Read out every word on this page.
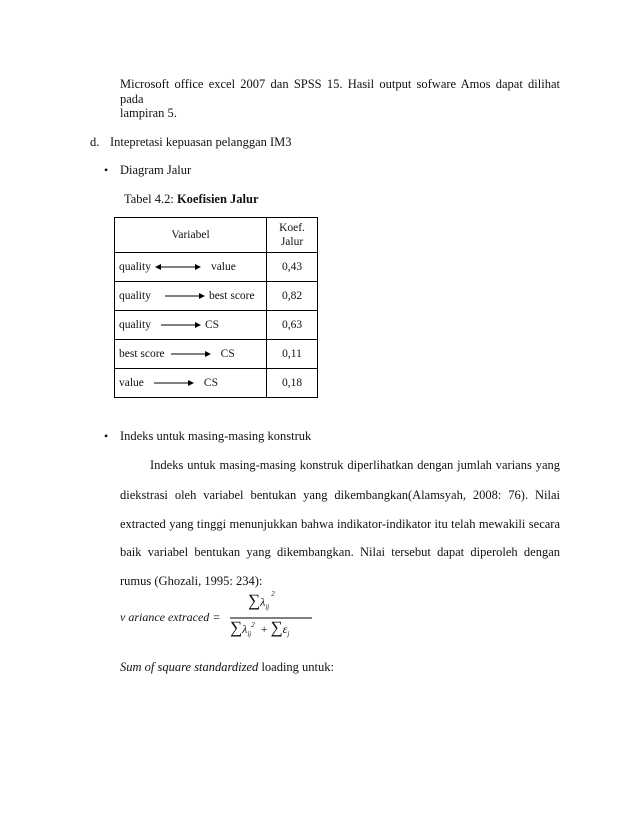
Microsoft office excel 2007 dan SPSS 15. Hasil output sofware Amos dapat dilihat pada
lampiran 5.
d. Intepretasi kepuasan pelanggan IM3
• Diagram Jalur
Tabel 4.2: Koefisien Jalur
Variabel	Koef.
Jalur

quality value	0,43

quality best score	0,82

quality CS	0,63

best score CS	0,11

value CS	0,18
• Indeks untuk masing-masing konstruk
Indeks untuk masing-masing konstruk diperlihatkan dengan jumlah varians yang
diekstrasi oleh variabel bentukan yang dikembangkan(Alamsyah, 2008: 76). Nilai
extracted yang tinggi menunjukkan bahwa indikator-indikator itu telah mewakili secara
baik variabel bentukan yang dikembangkan. Nilai tersebut dapat diperoleh dengan
rumus (Ghozali, 1995: 234):
v ariance extraced =
$\sum\lambda_{ij}^2$
$\sum\lambda_{ij}^2 + \sum\varepsilon_j$
Sum of square standardized loading untuk:
